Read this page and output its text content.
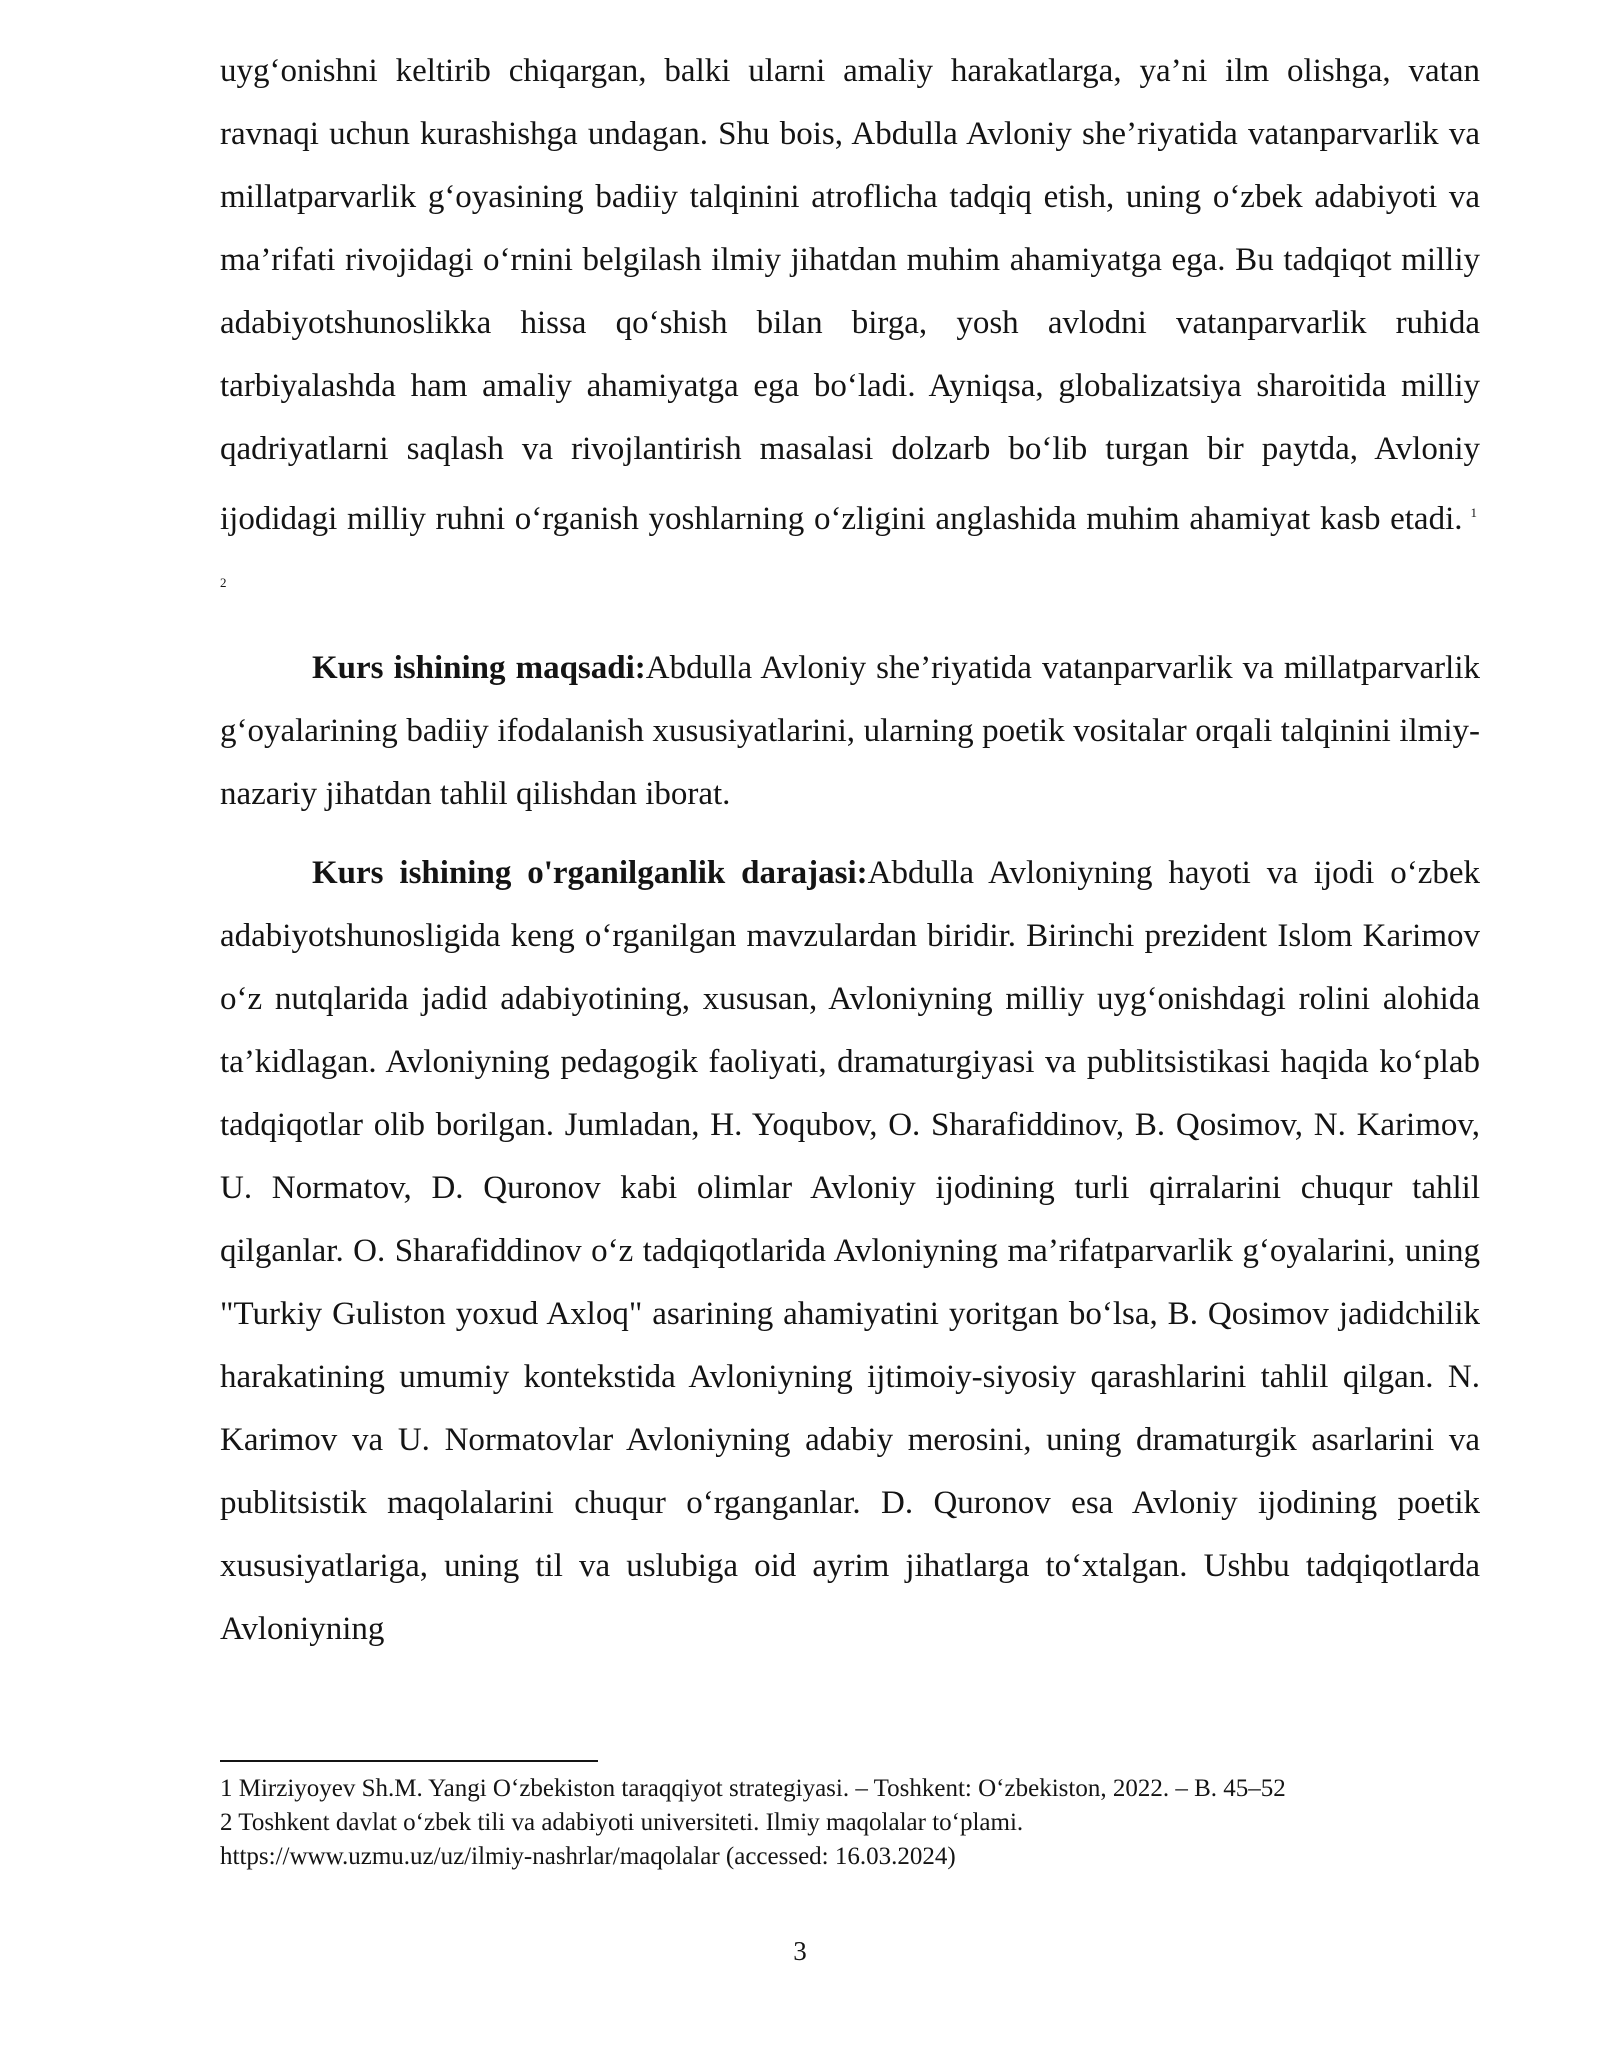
uyg‘onishni keltirib chiqargan, balki ularni amaliy harakatlarga, ya’ni ilm olishga, vatan ravnaqi uchun kurashishga undagan. Shu bois, Abdulla Avloniy she’riyatida vatanparvarlik va millatparvarlik g‘oyasining badiiy talqinini atroflicha tadqiq etish, uning o‘zbek adabiyoti va ma’rifati rivojidagi o‘rnini belgilash ilmiy jihatdan muhim ahamiyatga ega. Bu tadqiqot milliy adabiyotshunoslikka hissa qo‘shish bilan birga, yosh avlodni vatanparvarlik ruhida tarbiyalashda ham amaliy ahamiyatga ega bo‘ladi. Ayniqsa, globalizatsiya sharoitida milliy qadriyatlarni saqlash va rivojlantirish masalasi dolzarb bo‘lib turgan bir paytda, Avloniy ijodidagi milliy ruhni o‘rganish yoshlarning o‘zligini anglashida muhim ahamiyat kasb etadi. $^{1 2}$

Kurs ishining maqsadi:Abdulla Avloniy she’riyatida vatanparvarlik va millatparvarlik g‘oyalarining badiiy ifodalanish xususiyatlarini, ularning poetik vositalar orqali talqinini ilmiy-nazariy jihatdan tahlil qilishdan iborat.

Kurs ishining o'rganilganlik darajasi:Abdulla Avloniyning hayoti va ijodi o‘zbek adabiyotshunosligida keng o‘rganilgan mavzulardan biridir. Birinchi prezident Islom Karimov o‘z nutqlarida jadid adabiyotining, xususan, Avloniyning milliy uyg‘onishdagi rolini alohida ta’kidlagan. Avloniyning pedagogik faoliyati, dramaturgiyasi va publitsistikasi haqida ko‘plab tadqiqotlar olib borilgan. Jumladan, H. Yoqubov, O. Sharafiddinov, B. Qosimov, N. Karimov, U. Normatov, D. Quronov kabi olimlar Avloniy ijodining turli qirralarini chuqur tahlil qilganlar. O. Sharafiddinov o‘z tadqiqotlarida Avloniyning ma’rifatparvarlik g‘oyalarini, uning "Turkiy Guliston yoxud Axloq" asarining ahamiyatini yoritgan bo‘lsa, B. Qosimov jadidchilik harakatining umumiy kontekstida Avloniyning ijtimoiy-siyosiy qarashlarini tahlil qilgan. N. Karimov va U. Normatovlar Avloniyning adabiy merosini, uning dramaturgik asarlarini va publitsistik maqolalarini chuqur o‘rganganlar. D. Quronov esa Avloniy ijodining poetik xususiyatlariga, uning til va uslubiga oid ayrim jihatlarga to‘xtalgan. Ushbu tadqiqotlarda Avloniyning

1 Mirziyoyev Sh.M. Yangi O‘zbekiston taraqqiyot strategiyasi. – Toshkent: O‘zbekiston, 2022. – B. 45–52

2 Toshkent davlat o‘zbek tili va adabiyoti universiteti. Ilmiy maqolalar to‘plami.

https://www.uzmu.uz/uz/ilmiy-nashrlar/maqolalar (accessed: 16.03.2024)

3
